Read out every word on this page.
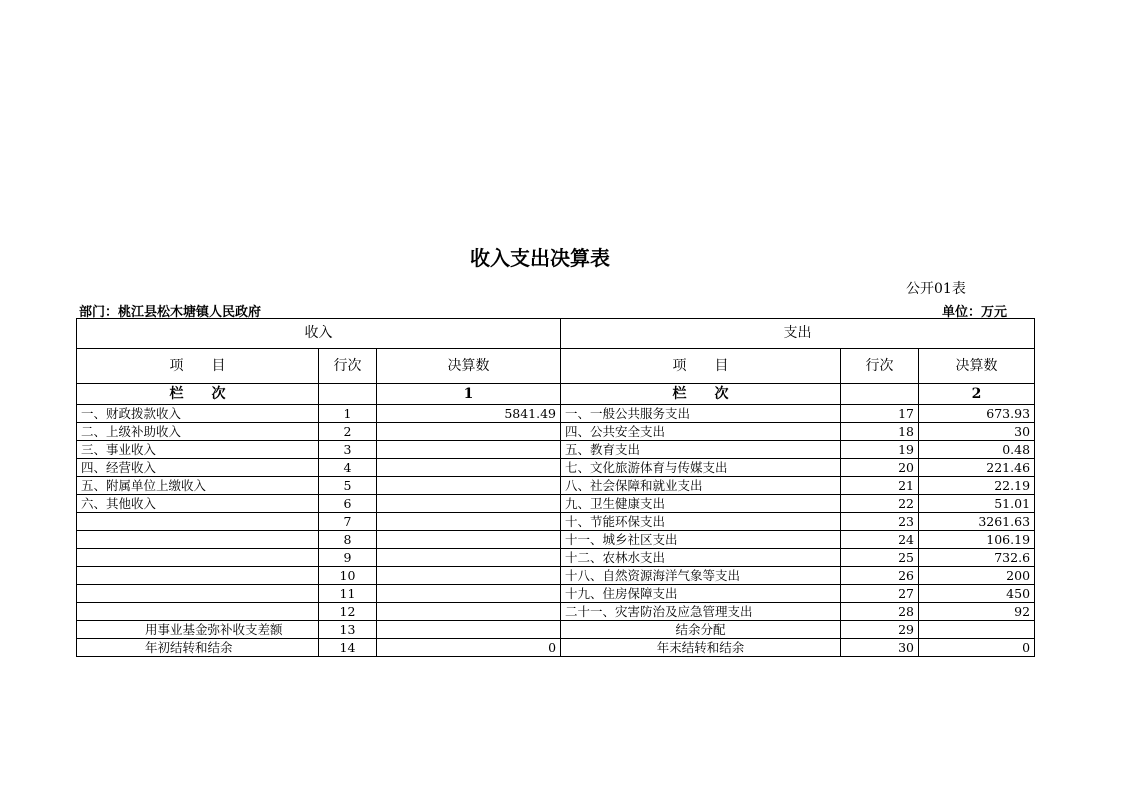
收入支出决算表
公开01表
部门：桃江县松木塘镇人民政府	单位：万元
收入			支出		
项　　目	行次	决算数	项　　目	行次	决算数
栏　　次		1	栏　　次		2
一、财政拨款收入	1	5841.49	一、一般公共服务支出	17	673.93
二、上级补助收入	2		四、公共安全支出	18	30
三、事业收入	3		五、教育支出	19	0.48
四、经营收入	4		七、文化旅游体育与传媒支出	20	221.46
五、附属单位上缴收入	5		八、社会保障和就业支出	21	22.19
六、其他收入	6		九、卫生健康支出	22	51.01
	7		十、节能环保支出	23	3261.63
	8		十一、城乡社区支出	24	106.19
	9		十二、农林水支出	25	732.6
	10		十八、自然资源海洋气象等支出	26	200
	11		十九、住房保障支出	27	450
	12		二十一、灾害防治及应急管理支出	28	92
用事业基金弥补收支差额	13		结余分配	29	
年初结转和结余	14	0	年末结转和结余	30	0
